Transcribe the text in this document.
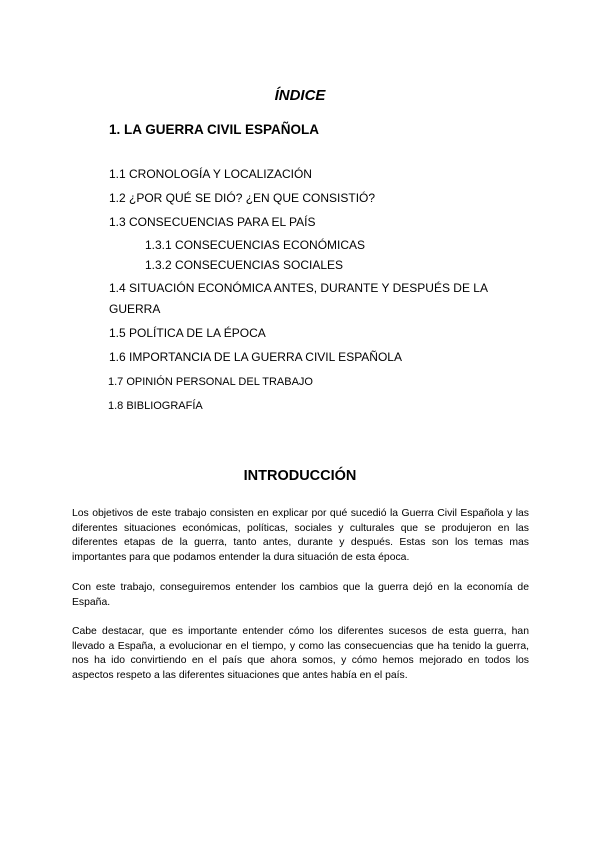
ÍNDICE
1. LA GUERRA CIVIL ESPAÑOLA
1.1 CRONOLOGÍA Y LOCALIZACIÓN
1.2 ¿POR QUÉ SE DIÓ? ¿EN QUE CONSISTIÓ?
1.3 CONSECUENCIAS PARA EL PAÍS
1.3.1 CONSECUENCIAS ECONÓMICAS
1.3.2 CONSECUENCIAS SOCIALES
1.4 SITUACIÓN ECONÓMICA ANTES, DURANTE Y DESPUÉS DE LA GUERRA
1.5 POLÍTICA DE LA ÉPOCA
1.6 IMPORTANCIA DE LA GUERRA CIVIL ESPAÑOLA
1.7 OPINIÓN PERSONAL DEL TRABAJO
1.8 BIBLIOGRAFÍA
INTRODUCCIÓN

Los objetivos de este trabajo consisten en explicar por qué sucedió la Guerra Civil Española y las diferentes situaciones económicas, políticas, sociales y culturales que se produjeron en las diferentes etapas de la guerra, tanto antes, durante y después. Estas son los temas mas importantes para que podamos entender la dura situación de esta época.

Con este trabajo, conseguiremos entender los cambios que la guerra dejó en la economía de España.

Cabe destacar, que es importante entender cómo los diferentes sucesos de esta guerra, han llevado a España, a evolucionar en el tiempo, y como las consecuencias que ha tenido la guerra, nos ha ido convirtiendo en el país que ahora somos, y cómo hemos mejorado en todos los aspectos respeto a las diferentes situaciones que antes había en el país.
